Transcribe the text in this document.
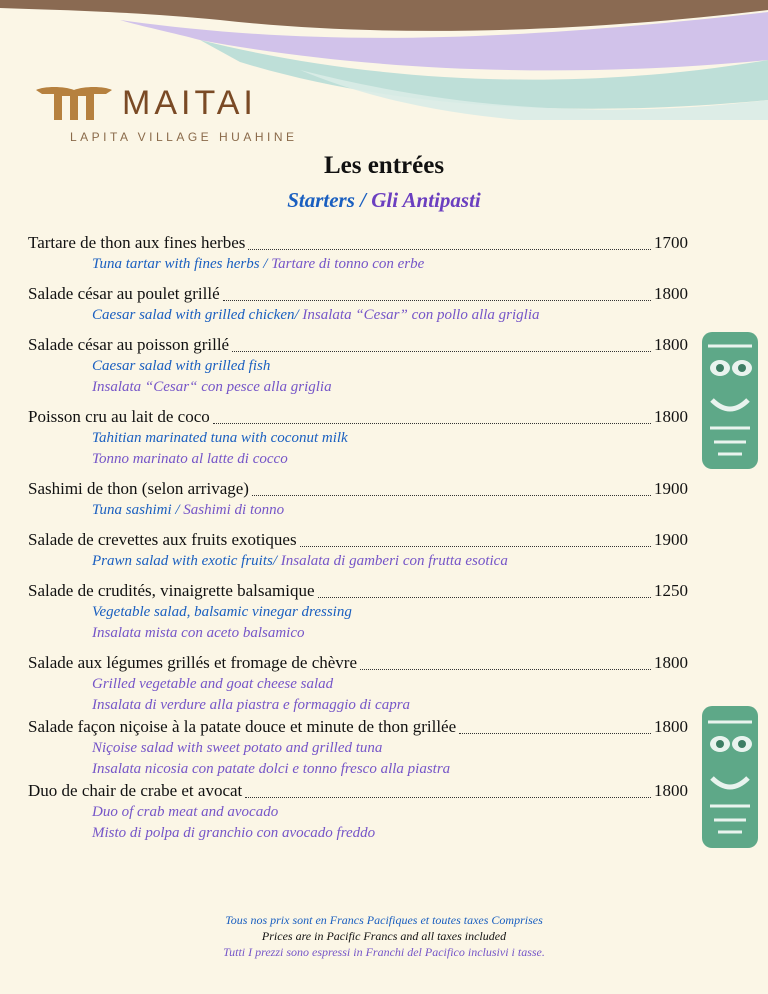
MAITAI
LAPITA VILLAGE HUAHINE
Les entrées
Starters / Gli Antipasti
Tartare de thon aux fines herbes	1700
Tuna tartar with fines herbs / Tartare di tonno con erbe
Salade césar au poulet grillé	1800
Caesar salad with grilled chicken/ Insalata “Cesar” con pollo alla griglia
Salade césar au poisson grillé	1800
Caesar salad with grilled fish
Insalata “Cesar“ con pesce alla griglia
Poisson cru au lait de coco	1800
Tahitian marinated tuna with coconut milk
Tonno marinato al latte di cocco
Sashimi de thon (selon arrivage)	1900
Tuna sashimi / Sashimi di tonno
Salade de crevettes aux fruits exotiques	1900
Prawn salad with exotic fruits/ Insalata di gamberi con frutta esotica
Salade de crudités, vinaigrette balsamique	1250
Vegetable salad, balsamic vinegar dressing
Insalata mista con aceto balsamico
Salade aux légumes grillés et fromage de chèvre	1800
Grilled vegetable and goat cheese salad
Insalata di verdure alla piastra e formaggio di capra
Salade façon niçoise à la patate douce et minute de thon grillée	1800
Niçoise salad with sweet potato and grilled tuna
Insalata nicosia con patate dolci e tonno fresco alla piastra
Duo de chair de crabe et avocat	1800
Duo of crab meat and avocado
Misto di polpa di granchio con avocado freddo
Tous nos prix sont en Francs Pacifiques et toutes taxes Comprises
Prices are in Pacific Francs and all taxes included
Tutti I prezzi sono espressi in Franchi del Pacifico inclusivi i tasse.
